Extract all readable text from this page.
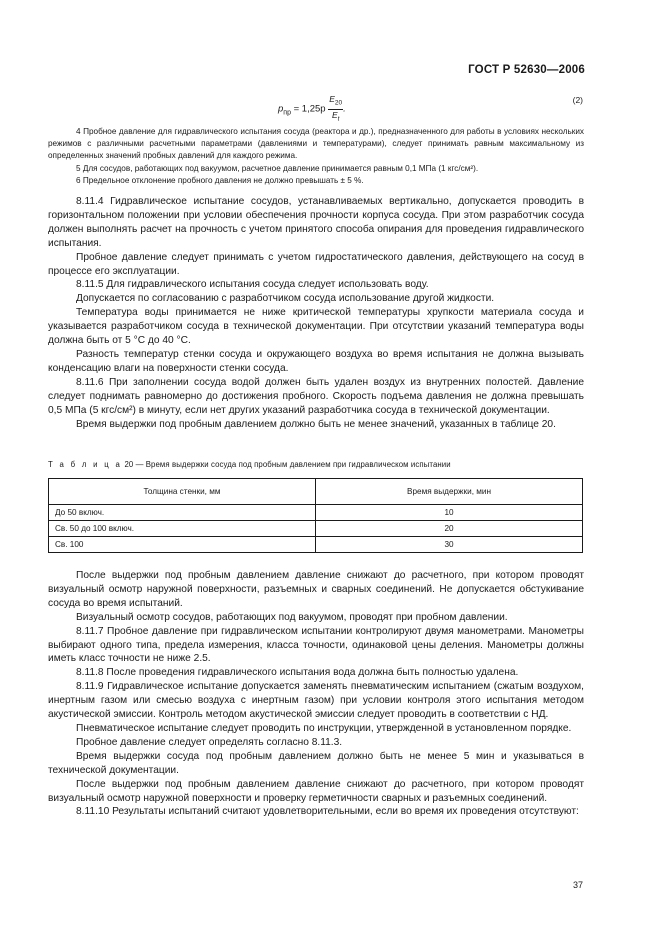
ГОСТ Р 52630—2006
$p_{пр} = 1,25p \frac{E_{20}}{E_t}$ .
(2)

4 Пробное давление для гидравлического испытания сосуда (реактора и др.), предназначенного для работы в условиях нескольких режимов с различными расчетными параметрами (давлениями и температурами), следует принимать равным максимальному из определенных значений пробных давлений для каждого режима.

5 Для сосудов, работающих под вакуумом, расчетное давление принимается равным 0,1 МПа (1 кгс/см²).

6 Предельное отклонение пробного давления не должно превышать ± 5 %.

8.11.4 Гидравлическое испытание сосудов, устанавливаемых вертикально, допускается проводить в горизонтальном положении при условии обеспечения прочности корпуса сосуда. При этом разработчик сосуда должен выполнять расчет на прочность с учетом принятого способа опирания для проведения гидравлического испытания.

Пробное давление следует принимать с учетом гидростатического давления, действующего на сосуд в процессе его эксплуатации.

8.11.5 Для гидравлического испытания сосуда следует использовать воду.

Допускается по согласованию с разработчиком сосуда использование другой жидкости.

Температура воды принимается не ниже критической температуры хрупкости материала сосуда и указывается разработчиком сосуда в технической документации. При отсутствии указаний температура воды должна быть от 5 °С до 40 °С.

Разность температур стенки сосуда и окружающего воздуха во время испытания не должна вызывать конденсацию влаги на поверхности стенки сосуда.

8.11.6 При заполнении сосуда водой должен быть удален воздух из внутренних полостей. Давление следует поднимать равномерно до достижения пробного. Скорость подъема давления не должна превышать 0,5 МПа (5 кгс/см²) в минуту, если нет других указаний разработчика сосуда в технической документации.

Время выдержки под пробным давлением должно быть не менее значений, указанных в таблице 20.

Т а б л и ц а 20 — Время выдержки сосуда под пробным давлением при гидравлическом испытании
Толщина стенки, мм	Время выдержки, мин
До 50 включ.	10
Св. 50 до 100 включ.	20
Св. 100	30

После выдержки под пробным давлением давление снижают до расчетного, при котором проводят визуальный осмотр наружной поверхности, разъемных и сварных соединений. Не допускается обстукивание сосуда во время испытаний.

Визуальный осмотр сосудов, работающих под вакуумом, проводят при пробном давлении.

8.11.7 Пробное давление при гидравлическом испытании контролируют двумя манометрами. Манометры выбирают одного типа, предела измерения, класса точности, одинаковой цены деления. Манометры должны иметь класс точности не ниже 2.5.

8.11.8 После проведения гидравлического испытания вода должна быть полностью удалена.

8.11.9 Гидравлическое испытание допускается заменять пневматическим испытанием (сжатым воздухом, инертным газом или смесью воздуха с инертным газом) при условии контроля этого испытания методом акустической эмиссии. Контроль методом акустической эмиссии следует проводить в соответствии с НД.

Пневматическое испытание следует проводить по инструкции, утвержденной в установленном порядке.

Пробное давление следует определять согласно 8.11.3.

Время выдержки сосуда под пробным давлением должно быть не менее 5 мин и указываться в технической документации.

После выдержки под пробным давлением давление снижают до расчетного, при котором проводят визуальный осмотр наружной поверхности и проверку герметичности сварных и разъемных соединений.

8.11.10 Результаты испытаний считают удовлетворительными, если во время их проведения отсутствуют:

37
